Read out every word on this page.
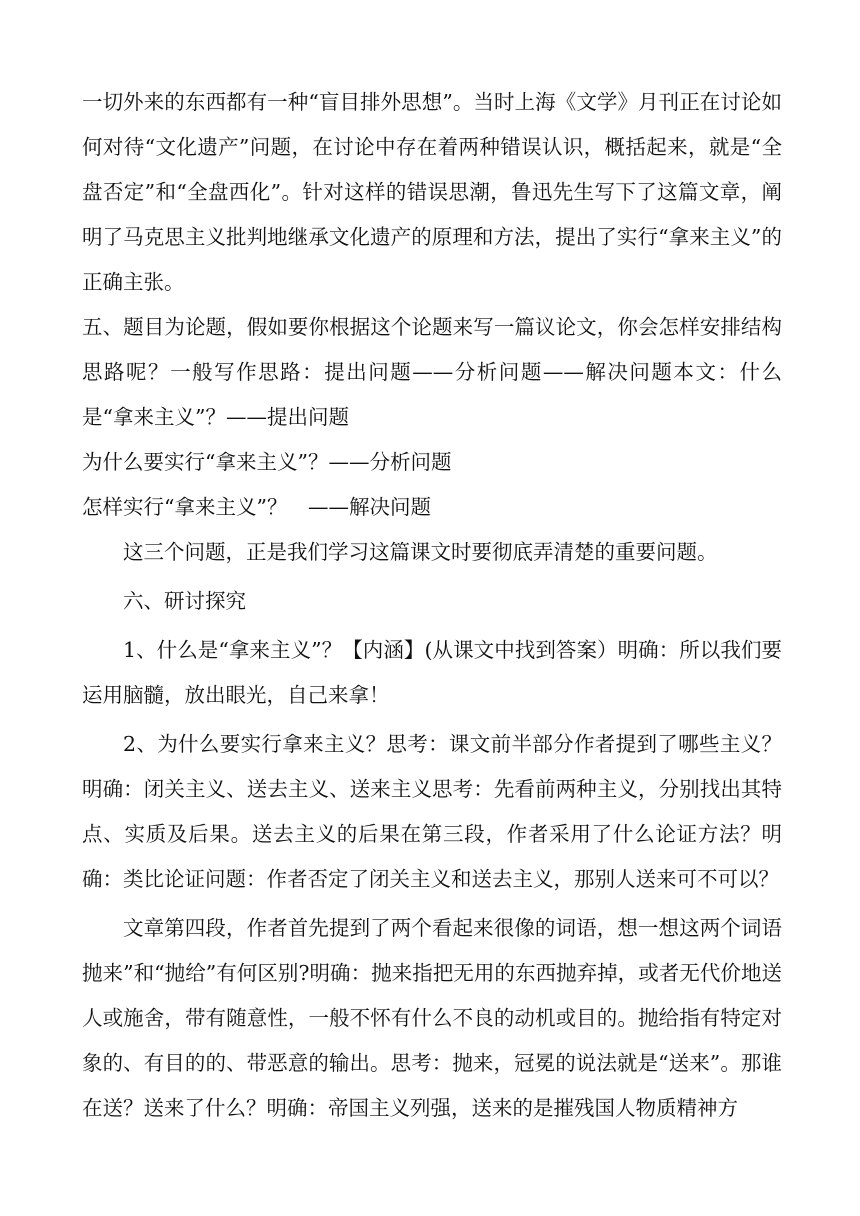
一切外来的东西都有一种“盲目排外思想”。当时上海《文学》月刊正在讨论如何对待“文化遗产”问题，在讨论中存在着两种错误认识，概括起来，就是“全盘否定”和“全盘西化”。针对这样的错误思潮，鲁迅先生写下了这篇文章，阐明了马克思主义批判地继承文化遗产的原理和方法，提出了实行“拿来主义”的正确主张。

五、题目为论题，假如要你根据这个论题来写一篇议论文，你会怎样安排结构思路呢？一般写作思路：提出问题——分析问题——解决问题本文：什么是“拿来主义”？——提出问题

为什么要实行“拿来主义”？——分析问题

怎样实行“拿来主义”？　——解决问题

这三个问题，正是我们学习这篇课文时要彻底弄清楚的重要问题。

六、研讨探究

1、什么是“拿来主义”？【内涵】(从课文中找到答案）明确：所以我们要运用脑髓，放出眼光，自己来拿！

2、为什么要实行拿来主义？思考：课文前半部分作者提到了哪些主义？明确：闭关主义、送去主义、送来主义思考：先看前两种主义，分别找出其特点、实质及后果。送去主义的后果在第三段，作者采用了什么论证方法？明确：类比论证问题：作者否定了闭关主义和送去主义，那别人送来可不可以？

文章第四段，作者首先提到了两个看起来很像的词语，想一想这两个词语抛来”和“抛给”有何区别?明确：抛来指把无用的东西抛弃掉，或者无代价地送人或施舍，带有随意性，一般不怀有什么不良的动机或目的。抛给指有特定对象的、有目的的、带恶意的输出。思考：抛来，冠冕的说法就是“送来”。那谁在送？送来了什么？明确：帝国主义列强，送来的是摧残国人物质精神方
